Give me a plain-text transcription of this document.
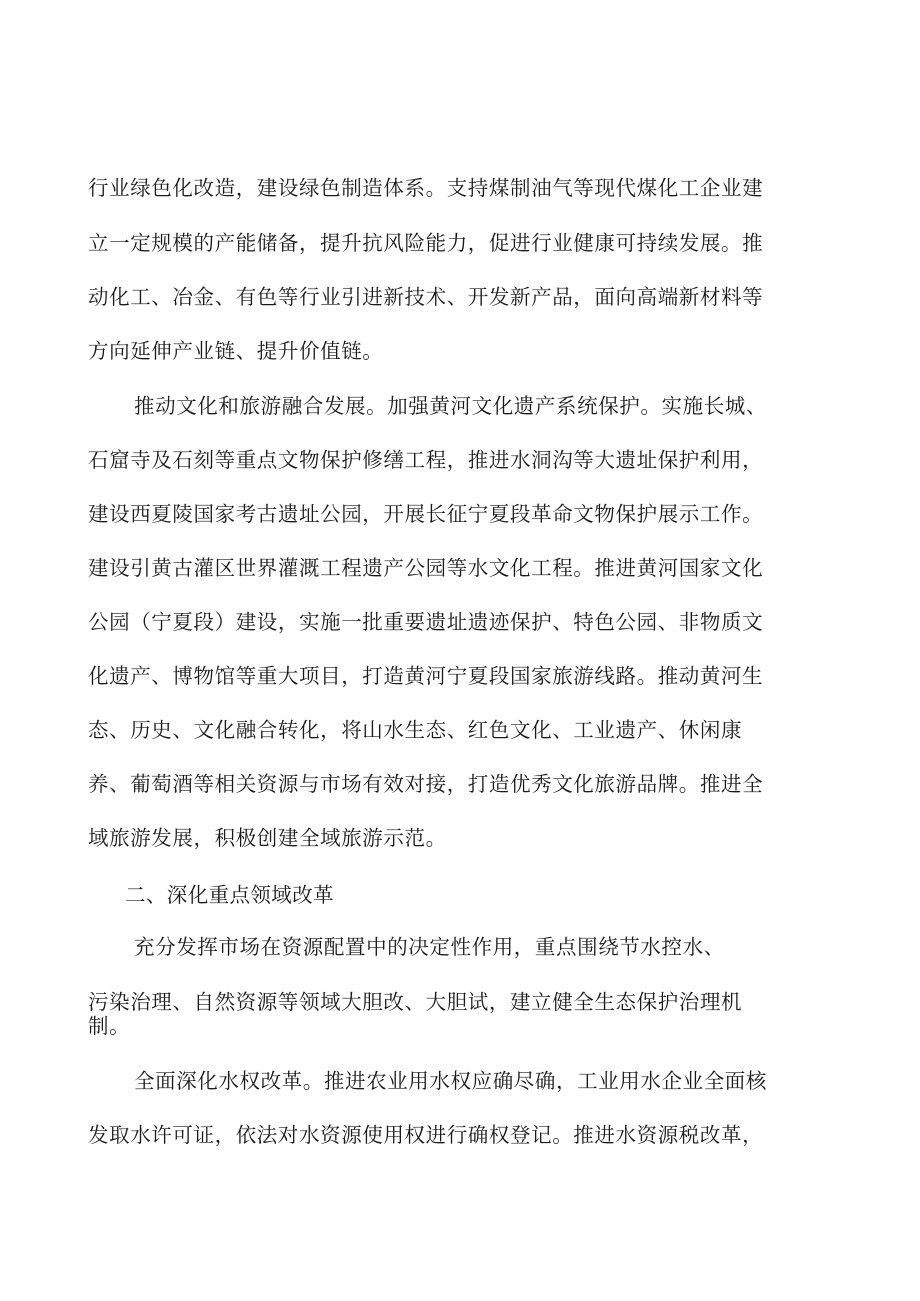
行业绿色化改造，建设绿色制造体系。支持煤制油气等现代煤化工企业建
立一定规模的产能储备，提升抗风险能力，促进行业健康可持续发展。推
动化工、冶金、有色等行业引进新技术、开发新产品，面向高端新材料等
方向延伸产业链、提升价值链。
推动文化和旅游融合发展。加强黄河文化遗产系统保护。实施长城、
石窟寺及石刻等重点文物保护修缮工程，推进水洞沟等大遗址保护利用，
建设西夏陵国家考古遗址公园，开展长征宁夏段革命文物保护展示工作。
建设引黄古灌区世界灌溉工程遗产公园等水文化工程。推进黄河国家文化
公园（宁夏段）建设，实施一批重要遗址遗迹保护、特色公园、非物质文
化遗产、博物馆等重大项目，打造黄河宁夏段国家旅游线路。推动黄河生
态、历史、文化融合转化，将山水生态、红色文化、工业遗产、休闲康
养、葡萄酒等相关资源与市场有效对接，打造优秀文化旅游品牌。推进全
域旅游发展，积极创建全域旅游示范。
二、深化重点领域改革
充分发挥市场在资源配置中的决定性作用，重点围绕节水控水、
污染治理、自然资源等领域大胆改、大胆试，建立健全生态保护治理机
制。
全面深化水权改革。推进农业用水权应确尽确，工业用水企业全面核
发取水许可证，依法对水资源使用权进行确权登记。推进水资源税改革，
